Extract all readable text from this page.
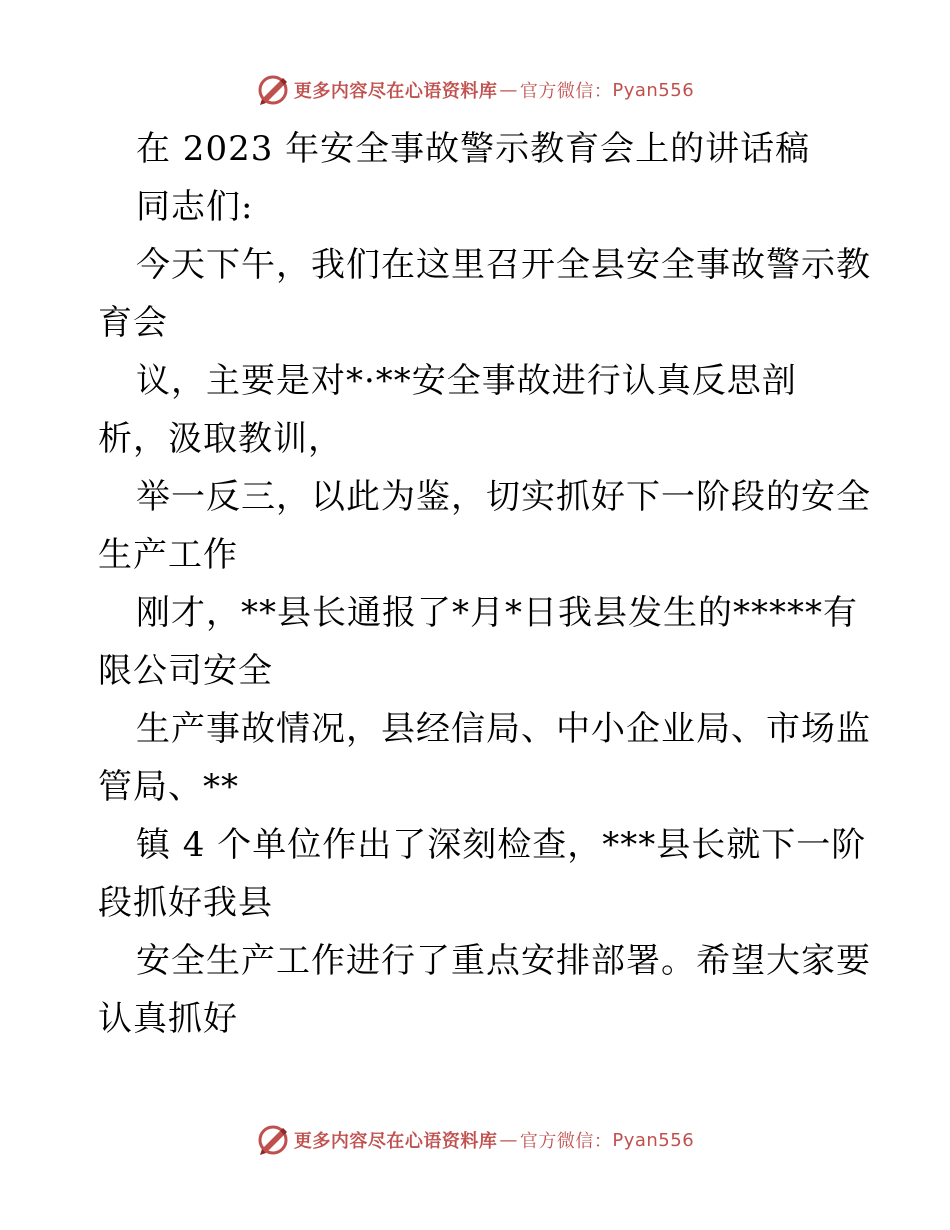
更多内容尽在心语资料库 — 官方微信： Pyan556
在 2023 年安全事故警示教育会上的讲话稿
同志们:
今天下午，我们在这里召开全县安全事故警示教
育会
议，主要是对*·**安全事故进行认真反思剖
析，汲取教训，
举一反三，以此为鉴，切实抓好下一阶段的安全
生产工作
刚才，**县长通报了*月*日我县发生的*****有
限公司安全
生产事故情况，县经信局、中小企业局、市场监
管局、**
镇 4 个单位作出了深刻检查，***县长就下一阶
段抓好我县
安全生产工作进行了重点安排部署。希望大家要
认真抓好
更多内容尽在心语资料库 — 官方微信： Pyan556
